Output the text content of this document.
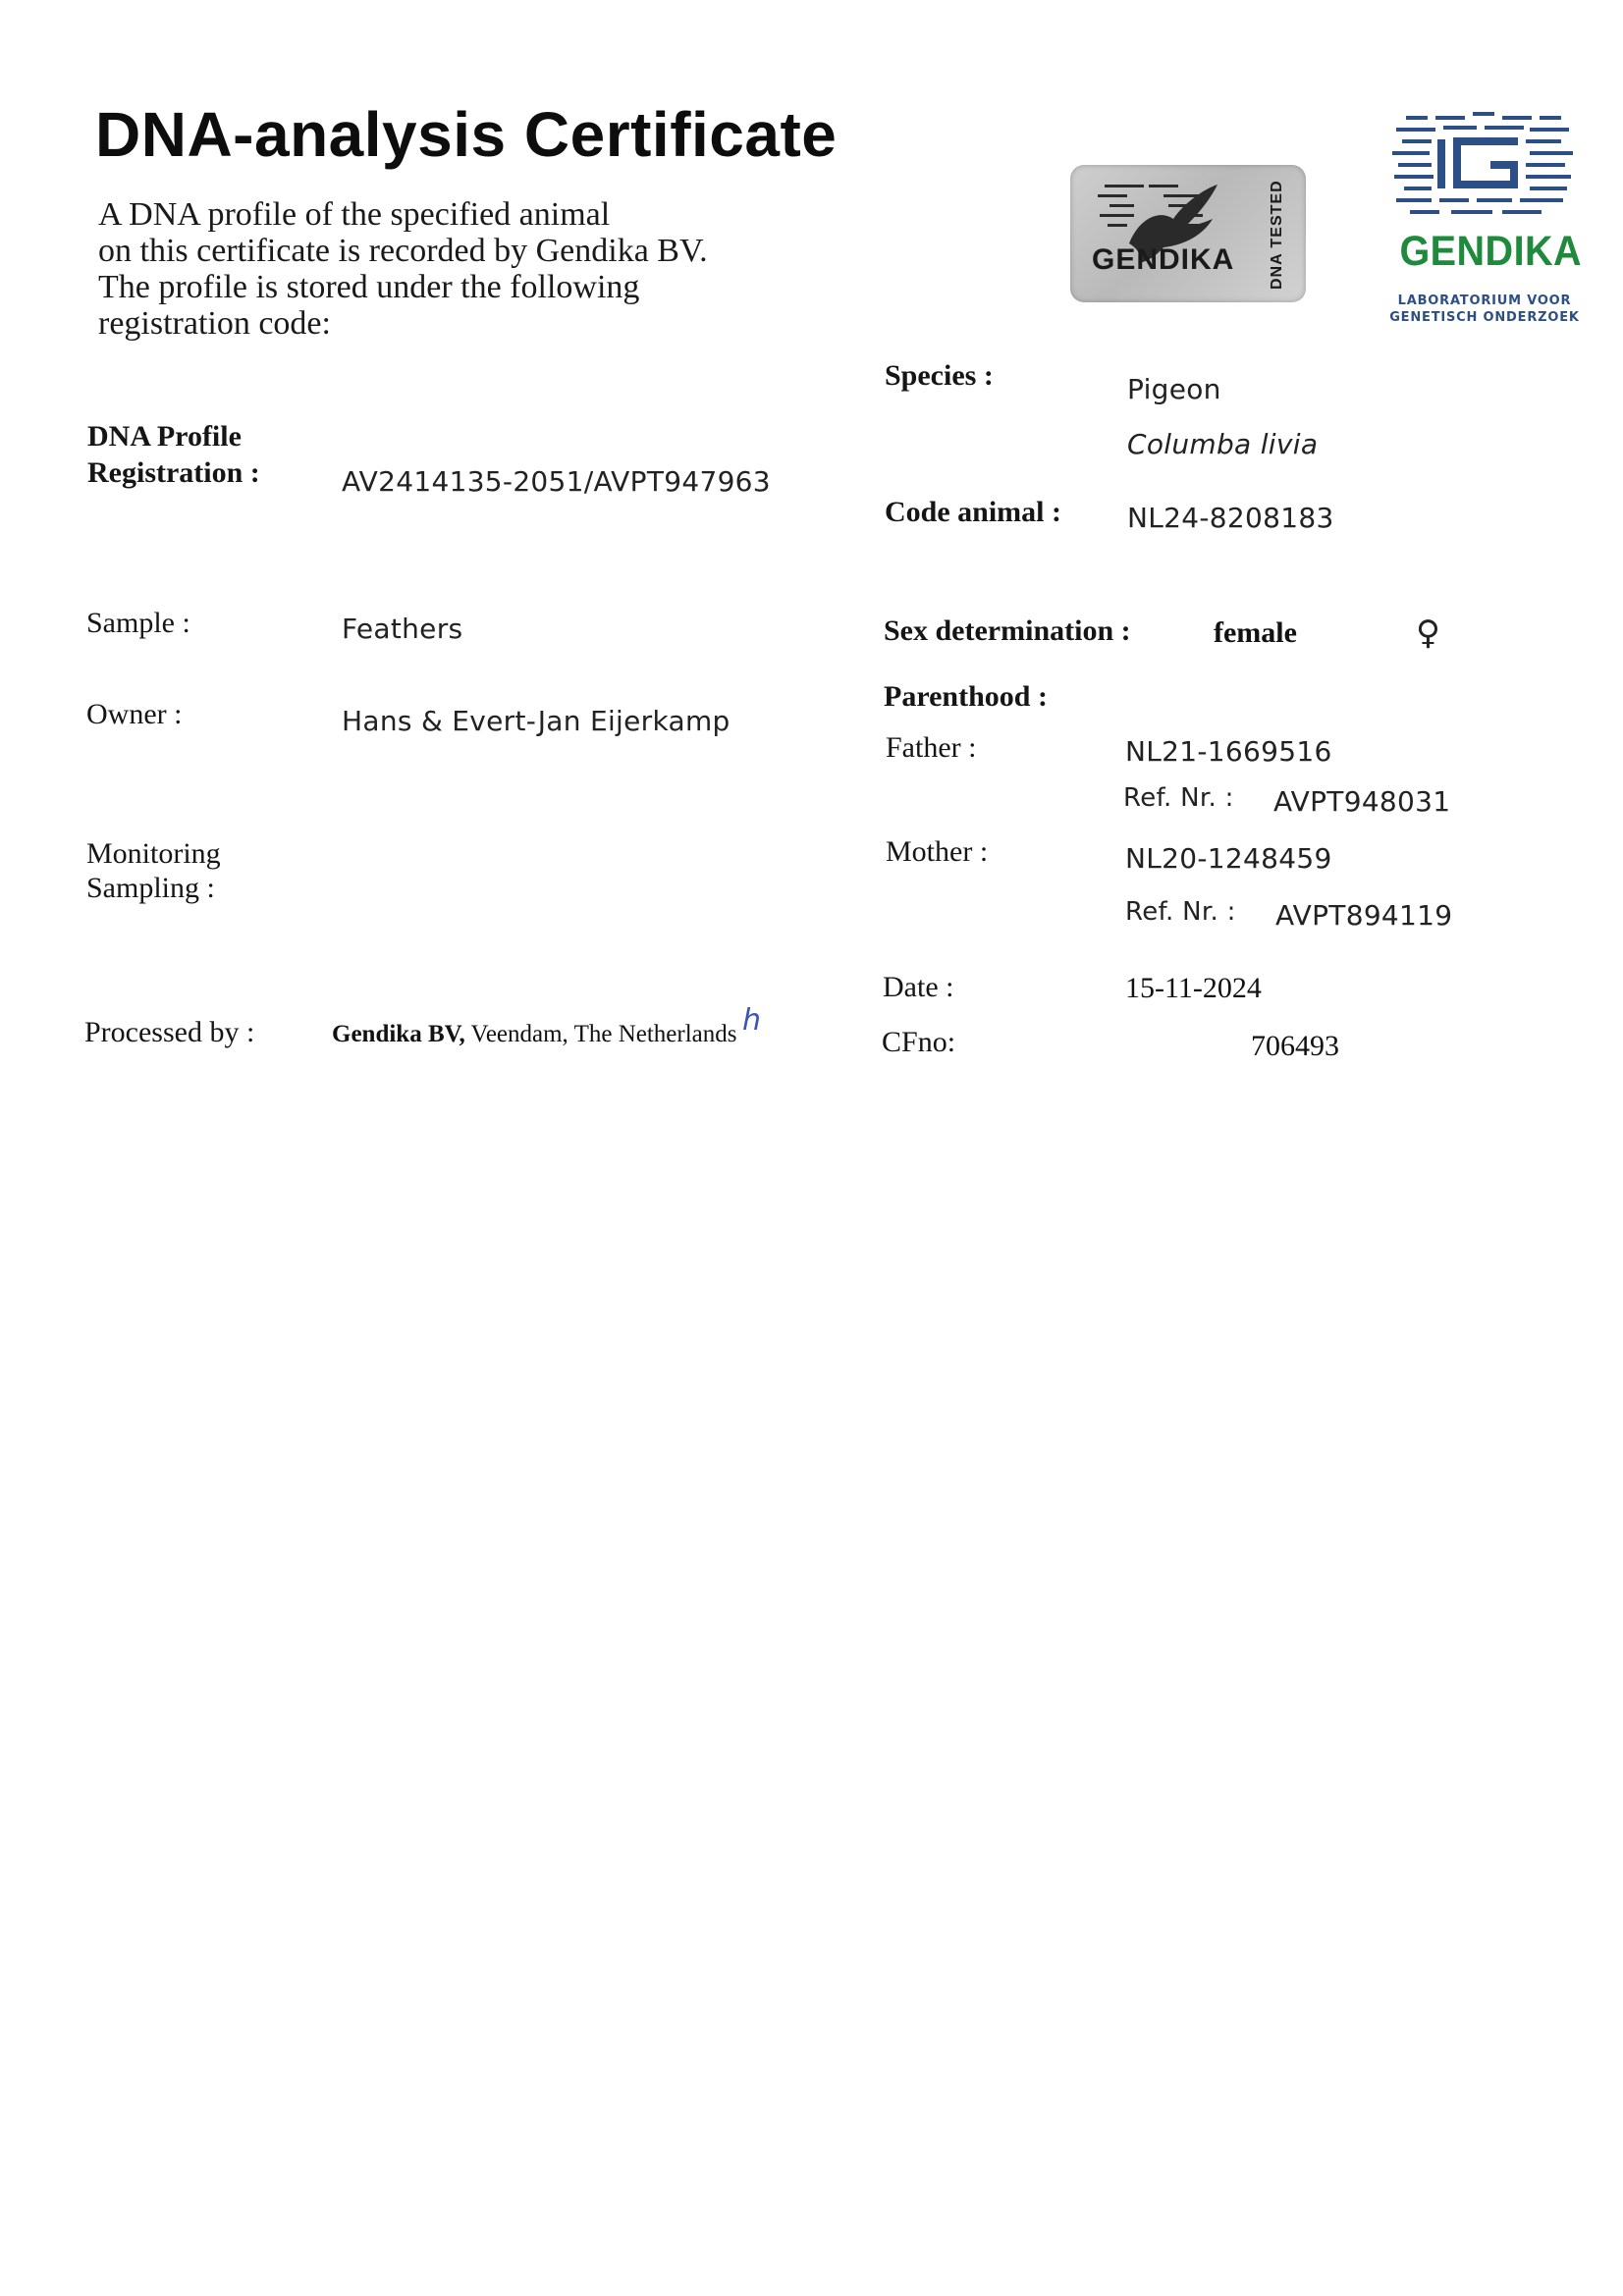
DNA-analysis Certificate
A DNA profile of the specified animal
on this certificate is recorded by Gendika BV.
The profile is stored under the following
registration code:
GENDIKA DNA TESTED	GENDIKA
LABORATORIUM VOOR
GENETISCH ONDERZOEK
DNA Profile
Registration :	AV2414135-2051/AVPT947963
Sample :	Feathers
Owner :	Hans & Evert-Jan Eijerkamp
Monitoring
Sampling :
Processed by :	Gendika BV, Veendam, The Netherlands h
Species :	Pigeon
Columba livia
Code animal : NL24-8208183
Sex determination :	female	♀
Parenthood :
Father :	NL21-1669516
Ref. Nr. : AVPT948031
Mother :	NL20-1248459
Ref. Nr. : AVPT894119
Date :	15-11-2024
CFno:	706493
